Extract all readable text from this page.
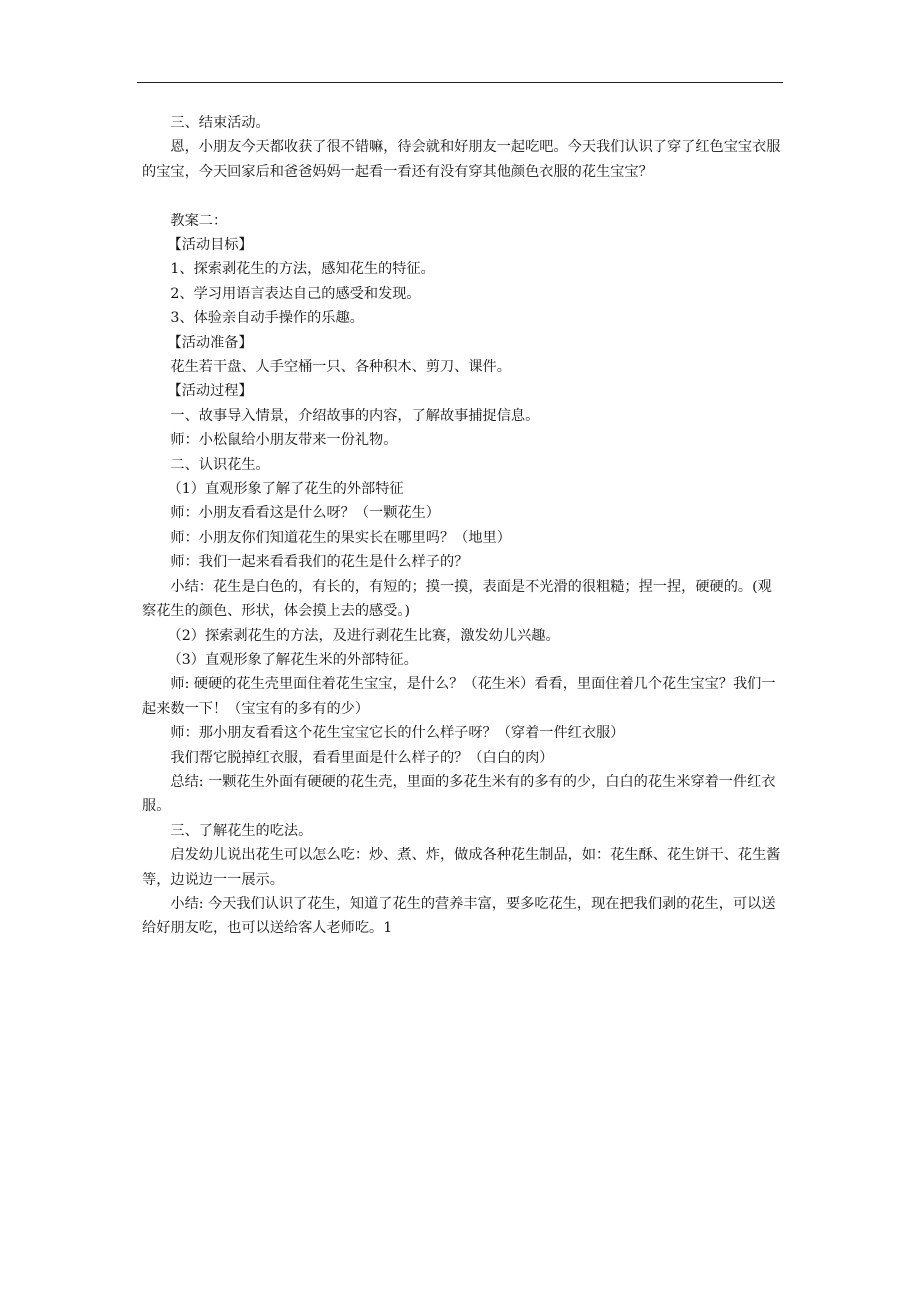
三、结束活动。

恩，小朋友今天都收获了很不错嘛，待会就和好朋友一起吃吧。今天我们认识了穿了红色宝宝衣服的宝宝，今天回家后和爸爸妈妈一起看一看还有没有穿其他颜色衣服的花生宝宝？

教案二：

【活动目标】

1、探索剥花生的方法，感知花生的特征。

2、学习用语言表达自己的感受和发现。

3、体验亲自动手操作的乐趣。

【活动准备】

花生若干盘、人手空桶一只、各种积木、剪刀、课件。

【活动过程】

一、故事导入情景，介绍故事的内容，了解故事捕捉信息。

师：小松鼠给小朋友带来一份礼物。

二、认识花生。

（1）直观形象了解了花生的外部特征

师：小朋友看看这是什么呀？（一颗花生）

师：小朋友你们知道花生的果实长在哪里吗？（地里）

师：我们一起来看看我们的花生是什么样子的？

小结：花生是白色的，有长的，有短的；摸一摸，表面是不光滑的很粗糙；捏一捏，硬硬的。(观察花生的颜色、形状，体会摸上去的感受。)

（2）探索剥花生的方法，及进行剥花生比赛，激发幼儿兴趣。

（3）直观形象了解花生米的外部特征。

师: 硬硬的花生壳里面住着花生宝宝，是什么？（花生米）看看，里面住着几个花生宝宝？我们一起来数一下！（宝宝有的多有的少）

师：那小朋友看看这个花生宝宝它长的什么样子呀？（穿着一件红衣服）

我们帮它脱掉红衣服，看看里面是什么样子的？（白白的肉）

总结: 一颗花生外面有硬硬的花生壳，里面的多花生米有的多有的少，白白的花生米穿着一件红衣服。

三、了解花生的吃法。

启发幼儿说出花生可以怎么吃：炒、煮、炸，做成各种花生制品，如：花生酥、花生饼干、花生酱等，边说边一一展示。

小结: 今天我们认识了花生，知道了花生的营养丰富，要多吃花生，现在把我们剥的花生，可以送给好朋友吃，也可以送给客人老师吃。1
